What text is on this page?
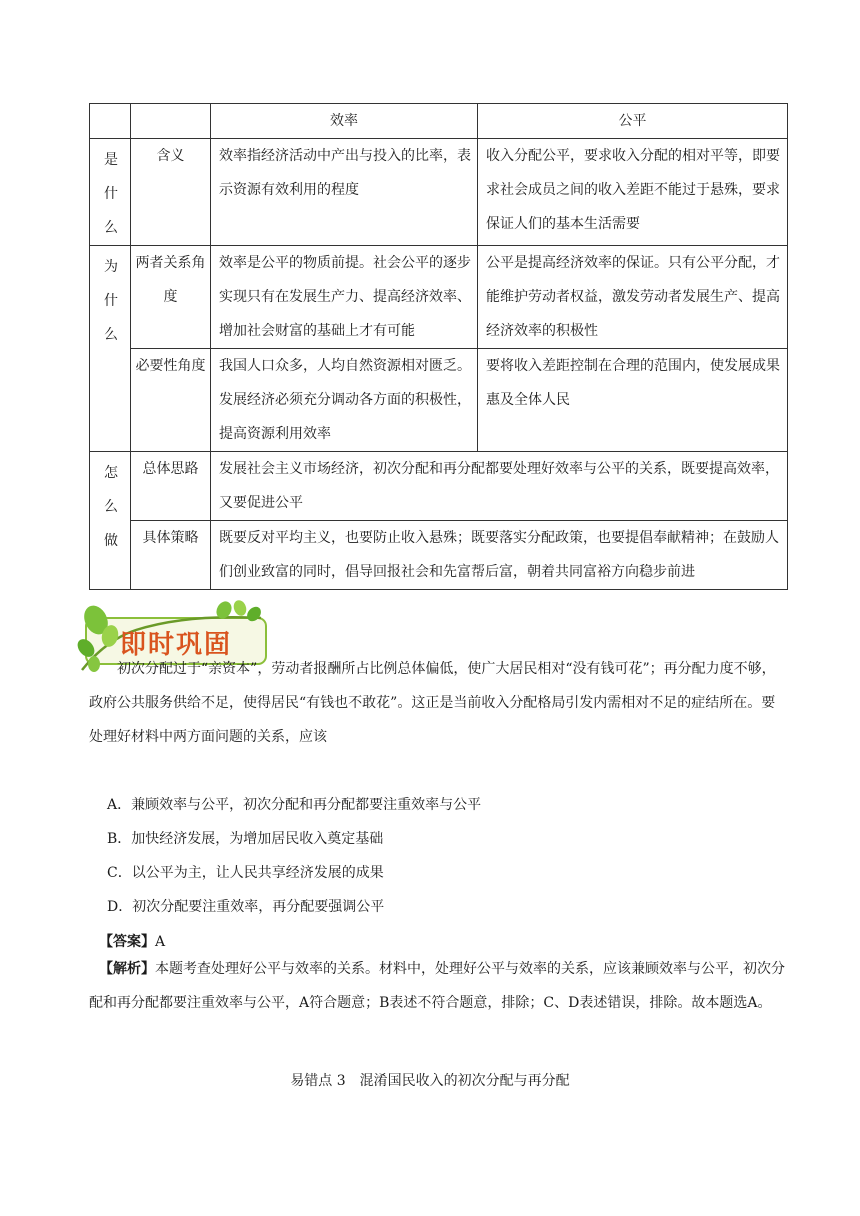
		效率	公平

是
什
么	含义	效率指经济活动中产出与投入的比率，表示资源有效利用的程度	收入分配公平，要求收入分配的相对平等，即要求社会成员之间的收入差距不能过于悬殊，要求保证人们的基本生活需要

为
什
么	两者关系角度	效率是公平的物质前提。社会公平的逐步实现只有在发展生产力、提高经济效率、增加社会财富的基础上才有可能	公平是提高经济效率的保证。只有公平分配，才能维护劳动者权益，激发劳动者发展生产、提高经济效率的积极性
	必要性角度	我国人口众多，人均自然资源相对匮乏。发展经济必须充分调动各方面的积极性，提高资源利用效率	要将收入差距控制在合理的范围内，使发展成果惠及全体人民

怎
么
做	总体思路	发展社会主义市场经济，初次分配和再分配都要处理好效率与公平的关系，既要提高效率，又要促进公平	
	具体策略	既要反对平均主义，也要防止收入悬殊；既要落实分配政策，也要提倡奉献精神；在鼓励人们创业致富的同时，倡导回报社会和先富帮后富，朝着共同富裕方向稳步前进	
即时巩固
初次分配过于“亲资本”，劳动者报酬所占比例总体偏低，使广大居民相对“没有钱可花”；再分配力度不够，政府公共服务供给不足，使得居民“有钱也不敢花”。这正是当前收入分配格局引发内需相对不足的症结所在。要处理好材料中两方面问题的关系，应该
A．兼顾效率与公平，初次分配和再分配都要注重效率与公平
B．加快经济发展，为增加居民收入奠定基础
C．以公平为主，让人民共享经济发展的成果
D．初次分配要注重效率，再分配要强调公平
【答案】A
【解析】本题考查处理好公平与效率的关系。材料中，处理好公平与效率的关系，应该兼顾效率与公平，初次分配和再分配都要注重效率与公平，A符合题意；B表述不符合题意，排除；C、D表述错误，排除。故本题选A。
易错点 3　混淆国民收入的初次分配与再分配
